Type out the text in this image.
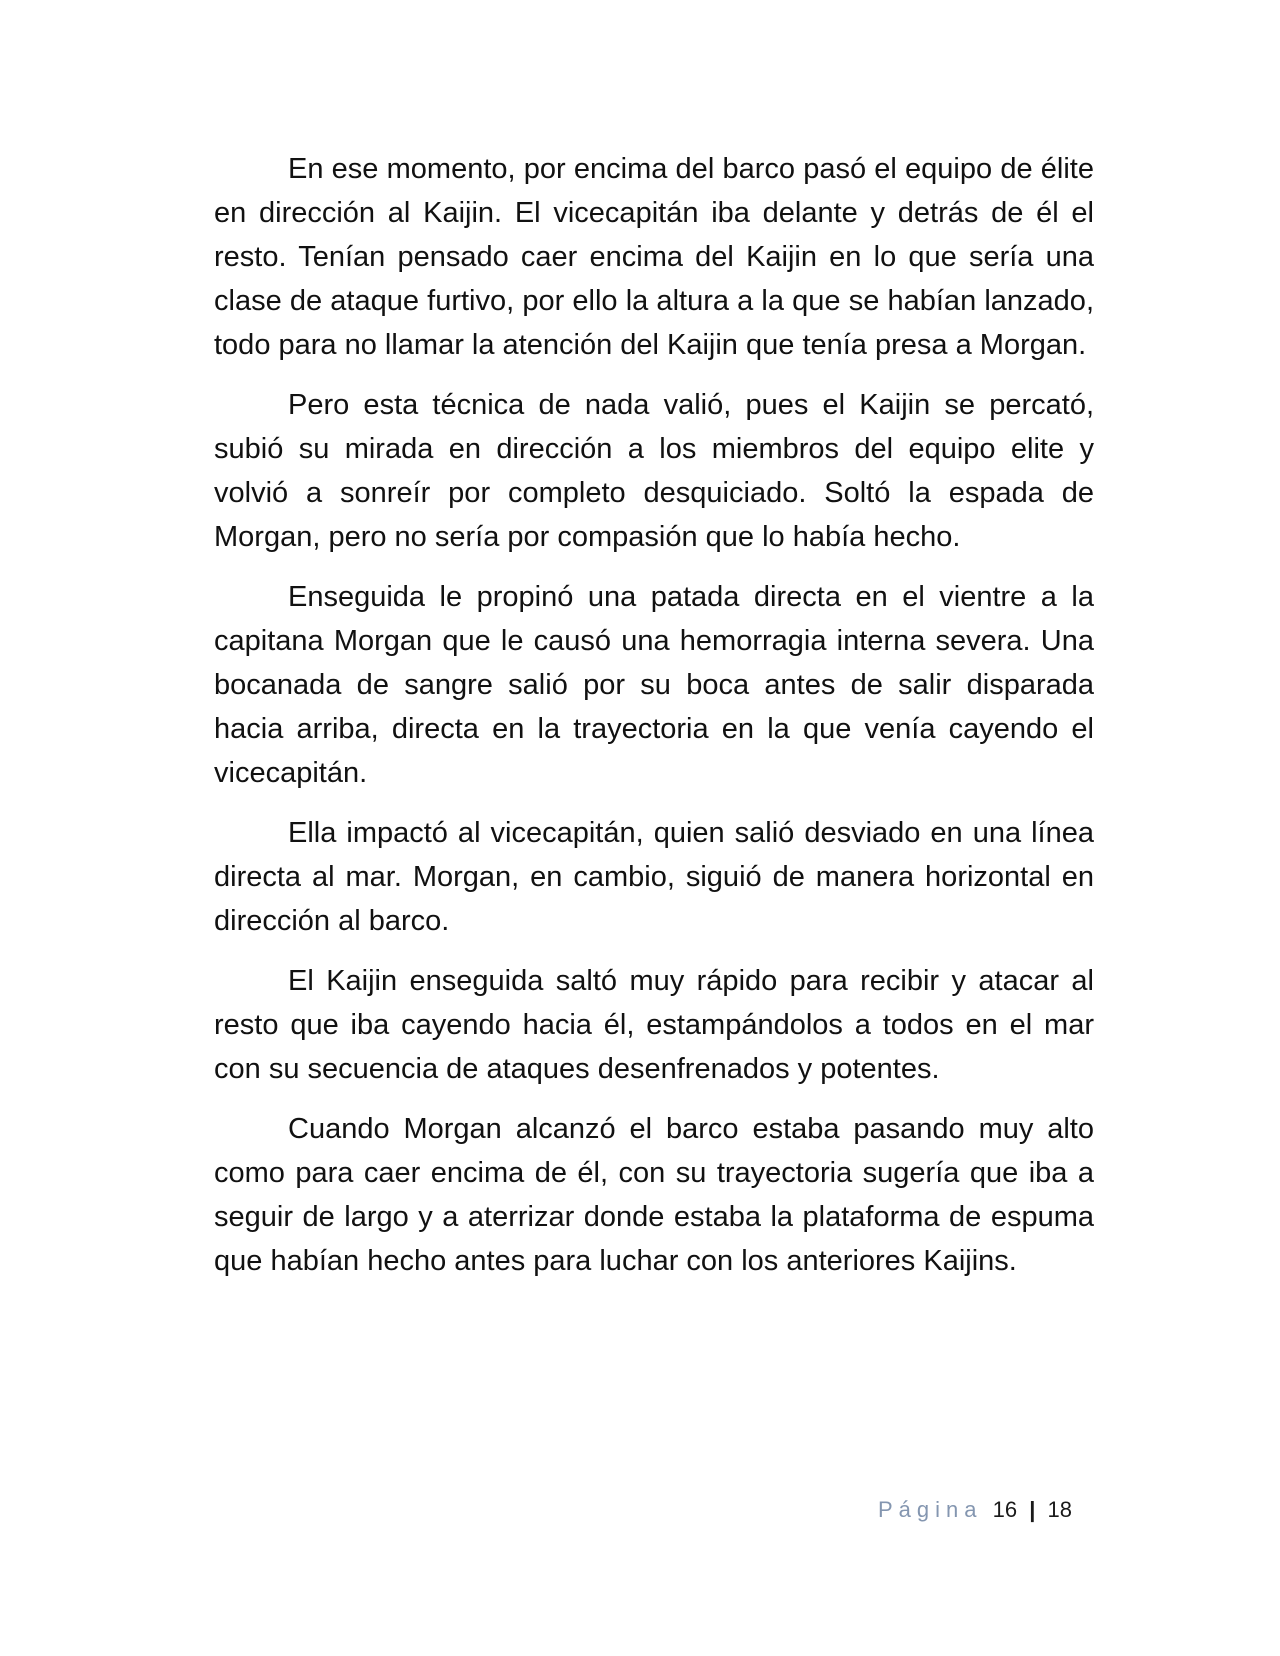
En ese momento, por encima del barco pasó el equipo de élite en dirección al Kaijin. El vicecapitán iba delante y detrás de él el resto. Tenían pensado caer encima del Kaijin en lo que sería una clase de ataque furtivo, por ello la altura a la que se habían lanzado, todo para no llamar la atención del Kaijin que tenía presa a Morgan.

Pero esta técnica de nada valió, pues el Kaijin se percató, subió su mirada en dirección a los miembros del equipo elite y volvió a sonreír por completo desquiciado. Soltó la espada de Morgan, pero no sería por compasión que lo había hecho.

Enseguida le propinó una patada directa en el vientre a la capitana Morgan que le causó una hemorragia interna severa. Una bocanada de sangre salió por su boca antes de salir disparada hacia arriba, directa en la trayectoria en la que venía cayendo el vicecapitán.

Ella impactó al vicecapitán, quien salió desviado en una línea directa al mar. Morgan, en cambio, siguió de manera horizontal en dirección al barco.

El Kaijin enseguida saltó muy rápido para recibir y atacar al resto que iba cayendo hacia él, estampándolos a todos en el mar con su secuencia de ataques desenfrenados y potentes.

Cuando Morgan alcanzó el barco estaba pasando muy alto como para caer encima de él, con su trayectoria sugería que iba a seguir de largo y a aterrizar donde estaba la plataforma de espuma que habían hecho antes para luchar con los anteriores Kaijins.

Página 16 | 18
